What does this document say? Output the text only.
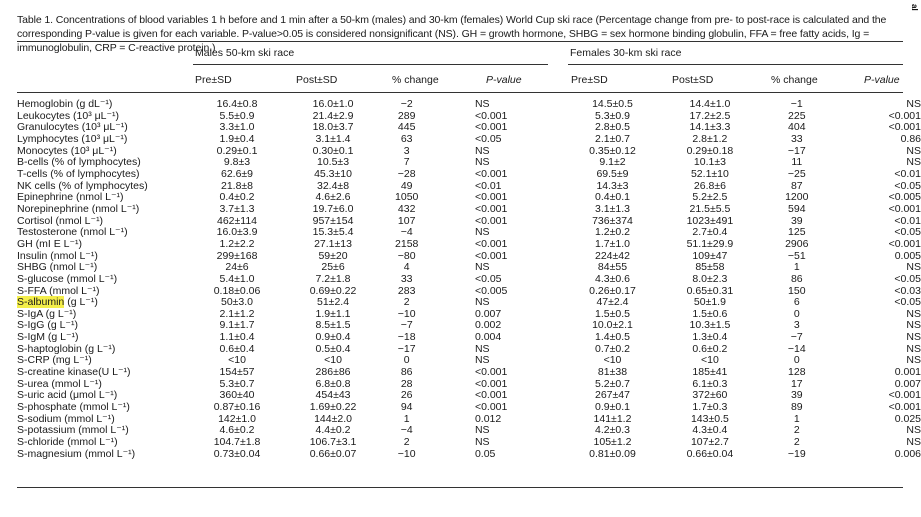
Table 1. Concentrations of blood variables 1 h before and 1 min after a 50-km (males) and 30-km (females) World Cup ski race (Percentage change from pre- to post-race is calculated and the corresponding P-value is given for each variable. P-value>0.05 is considered nonsignificant (NS). GH = growth hormone, SHBG = sex hormone binding globulin, FFA = free fatty acids, Ig = immunoglobulin, CRP = C-reactive protein.)
al
Males 50-km ski race	Females 30-km ski race
Pre±SD	Post±SD	% change	P-value	Pre±SD	Post±SD	% change	P-value
Hemoglobin (g dL⁻¹)	16.4±0.8	16.0±1.0	−2	NS	14.5±0.5	14.4±1.0	−1	NS
Leukocytes (10³ μL⁻¹)	5.5±0.9	21.4±2.9	289	<0.001	5.3±0.9	17.2±2.5	225	<0.001
Granulocytes (10³ μL⁻¹)	3.3±1.0	18.0±3.7	445	<0.001	2.8±0.5	14.1±3.3	404	<0.001
Lymphocytes (10³ μL⁻¹)	1.9±0.4	3.1±1.4	63	<0.05	2.1±0.7	2.8±1.2	33	0.86
Monocytes (10³ μL⁻¹)	0.29±0.1	0.30±0.1	3	NS	0.35±0.12	0.29±0.18	−17	NS
B-cells (% of lymphocytes)	9.8±3	10.5±3	7	NS	9.1±2	10.1±3	11	NS
T-cells (% of lymphocytes)	62.6±9	45.3±10	−28	<0.001	69.5±9	52.1±10	−25	<0.01
NK cells (% of lymphocytes)	21.8±8	32.4±8	49	<0.01	14.3±3	26.8±6	87	<0.05
Epinephrine (nmol L⁻¹)	0.4±0.2	4.6±2.6	1050	<0.001	0.4±0.1	5.2±2.5	1200	<0.005
Norepinephrine (nmol L⁻¹)	3.7±1.3	19.7±6.0	432	<0.001	3.1±1.3	21.5±5.5	594	<0.001
Cortisol (nmol L⁻¹)	462±114	957±154	107	<0.001	736±374	1023±491	39	<0.01
Testosterone (nmol L⁻¹)	16.0±3.9	15.3±5.4	−4	NS	1.2±0.2	2.7±0.4	125	<0.05
GH (mI E L⁻¹)	1.2±2.2	27.1±13	2158	<0.001	1.7±1.0	51.1±29.9	2906	<0.001
Insulin (nmol L⁻¹)	299±168	59±20	−80	<0.001	224±42	109±47	−51	0.005
SHBG (nmol L⁻¹)	24±6	25±6	4	NS	84±55	85±58	1	NS
S-glucose (mmol L⁻¹)	5.4±1.0	7.2±1.8	33	<0.05	4.3±0.6	8.0±2.3	86	<0.05
S-FFA (mmol L⁻¹)	0.18±0.06	0.69±0.22	283	<0.005	0.26±0.17	0.65±0.31	150	<0.03
S-albumin (g L⁻¹)	50±3.0	51±2.4	2	NS	47±2.4	50±1.9	6	<0.05
S-IgA (g L⁻¹)	2.1±1.2	1.9±1.1	−10	0.007	1.5±0.5	1.5±0.6	0	NS
S-IgG (g L⁻¹)	9.1±1.7	8.5±1.5	−7	0.002	10.0±2.1	10.3±1.5	3	NS
S-IgM (g L⁻¹)	1.1±0.4	0.9±0.4	−18	0.004	1.4±0.5	1.3±0.4	−7	NS
S-haptoglobin (g L⁻¹)	0.6±0.4	0.5±0.4	−17	NS	0.7±0.2	0.6±0.2	−14	NS
S-CRP (mg L⁻¹)	<10	<10	0	NS	<10	<10	0	NS
S-creatine kinase(U L⁻¹)	154±57	286±86	86	<0.001	81±38	185±41	128	0.001
S-urea (mmol L⁻¹)	5.3±0.7	6.8±0.8	28	<0.001	5.2±0.7	6.1±0.3	17	0.007
S-uric acid (μmol L⁻¹)	360±40	454±43	26	<0.001	267±47	372±60	39	<0.001
S-phosphate (mmol L⁻¹)	0.87±0.16	1.69±0.22	94	<0.001	0.9±0.1	1.7±0.3	89	<0.001
S-sodium (mmol L⁻¹)	142±1.0	144±2.0	1	0.012	141±1.2	143±0.5	1	0.025
S-potassium (mmol L⁻¹)	4.6±0.2	4.4±0.2	−4	NS	4.2±0.3	4.3±0.4	2	NS
S-chloride (mmol L⁻¹)	104.7±1.8	106.7±3.1	2	NS	105±1.2	107±2.7	2	NS
S-magnesium (mmol L⁻¹)	0.73±0.04	0.66±0.07	−10	0.05	0.81±0.09	0.66±0.04	−19	0.006
